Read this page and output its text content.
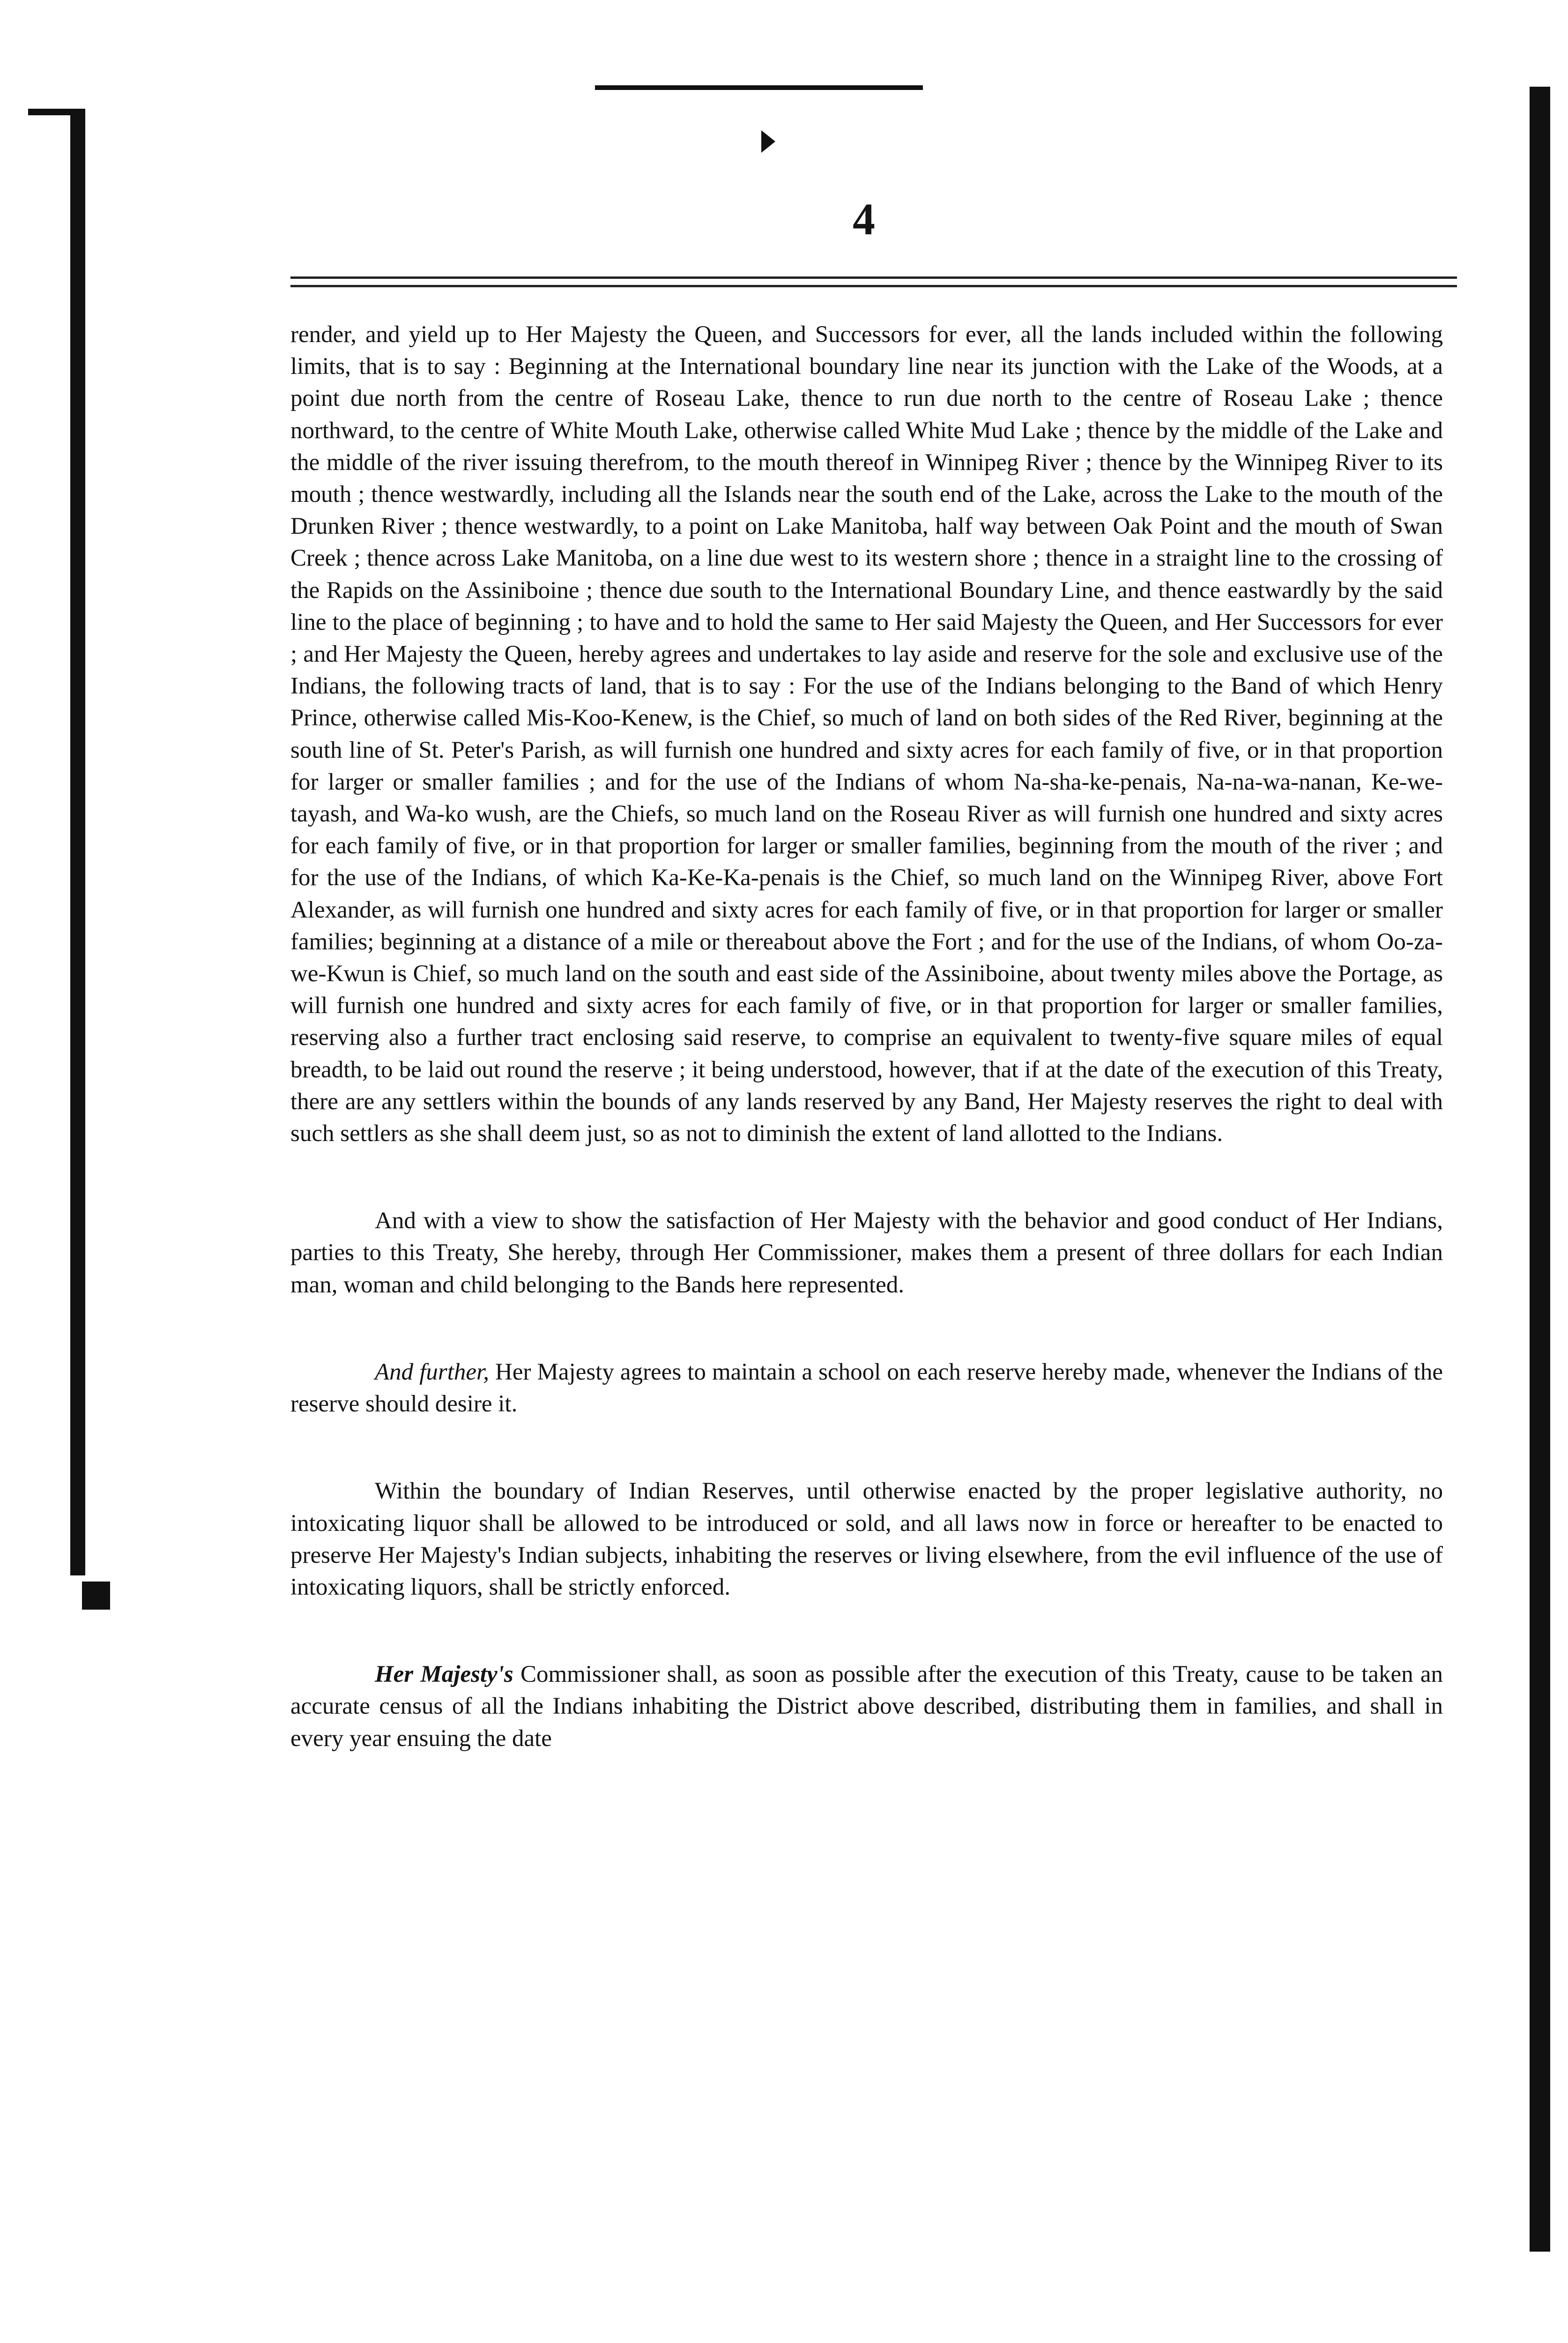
4

render, and yield up to Her Majesty the Queen, and Successors for ever, all the lands included within the following limits, that is to say : Beginning at the International boundary line near its junction with the Lake of the Woods, at a point due north from the centre of Roseau Lake, thence to run due north to the centre of Roseau Lake ; thence northward, to the centre of White Mouth Lake, otherwise called White Mud Lake ; thence by the middle of the Lake and the middle of the river issuing therefrom, to the mouth thereof in Winnipeg River ; thence by the Winnipeg River to its mouth ; thence westwardly, including all the Islands near the south end of the Lake, across the Lake to the mouth of the Drunken River ; thence westwardly, to a point on Lake Manitoba, half way between Oak Point and the mouth of Swan Creek ; thence across Lake Manitoba, on a line due west to its western shore ; thence in a straight line to the crossing of the Rapids on the Assiniboine ; thence due south to the International Boundary Line, and thence eastwardly by the said line to the place of beginning ; to have and to hold the same to Her said Majesty the Queen, and Her Successors for ever ; and Her Majesty the Queen, hereby agrees and undertakes to lay aside and reserve for the sole and exclusive use of the Indians, the following tracts of land, that is to say : For the use of the Indians belonging to the Band of which Henry Prince, otherwise called Mis-Koo-Kenew, is the Chief, so much of land on both sides of the Red River, beginning at the south line of St. Peter's Parish, as will furnish one hundred and sixty acres for each family of five, or in that proportion for larger or smaller families ; and for the use of the Indians of whom Na-sha-ke-penais, Na-na-wa-nanan, Ke-we-tayash, and Wa-ko wush, are the Chiefs, so much land on the Roseau River as will furnish one hundred and sixty acres for each family of five, or in that proportion for larger or smaller families, beginning from the mouth of the river ; and for the use of the Indians, of which Ka-Ke-Ka-penais is the Chief, so much land on the Winnipeg River, above Fort Alexander, as will furnish one hundred and sixty acres for each family of five, or in that proportion for larger or smaller families; beginning at a distance of a mile or thereabout above the Fort ; and for the use of the Indians, of whom Oo-za-we-Kwun is Chief, so much land on the south and east side of the Assiniboine, about twenty miles above the Portage, as will furnish one hundred and sixty acres for each family of five, or in that proportion for larger or smaller families, reserving also a further tract enclosing said reserve, to comprise an equivalent to twenty-five square miles of equal breadth, to be laid out round the reserve ; it being understood, however, that if at the date of the execution of this Treaty, there are any settlers within the bounds of any lands reserved by any Band, Her Majesty reserves the right to deal with such settlers as she shall deem just, so as not to diminish the extent of land allotted to the Indians.

And with a view to show the satisfaction of Her Majesty with the behavior and good conduct of Her Indians, parties to this Treaty, She hereby, through Her Commissioner, makes them a present of three dollars for each Indian man, woman and child belonging to the Bands here represented.

And further, Her Majesty agrees to maintain a school on each reserve hereby made, whenever the Indians of the reserve should desire it.

Within the boundary of Indian Reserves, until otherwise enacted by the proper legislative authority, no intoxicating liquor shall be allowed to be introduced or sold, and all laws now in force or hereafter to be enacted to preserve Her Majesty's Indian subjects, inhabiting the reserves or living elsewhere, from the evil influence of the use of intoxicating liquors, shall be strictly enforced.

Her Majesty's Commissioner shall, as soon as possible after the execution of this Treaty, cause to be taken an accurate census of all the Indians inhabiting the District above described, distributing them in families, and shall in every year ensuing the date
